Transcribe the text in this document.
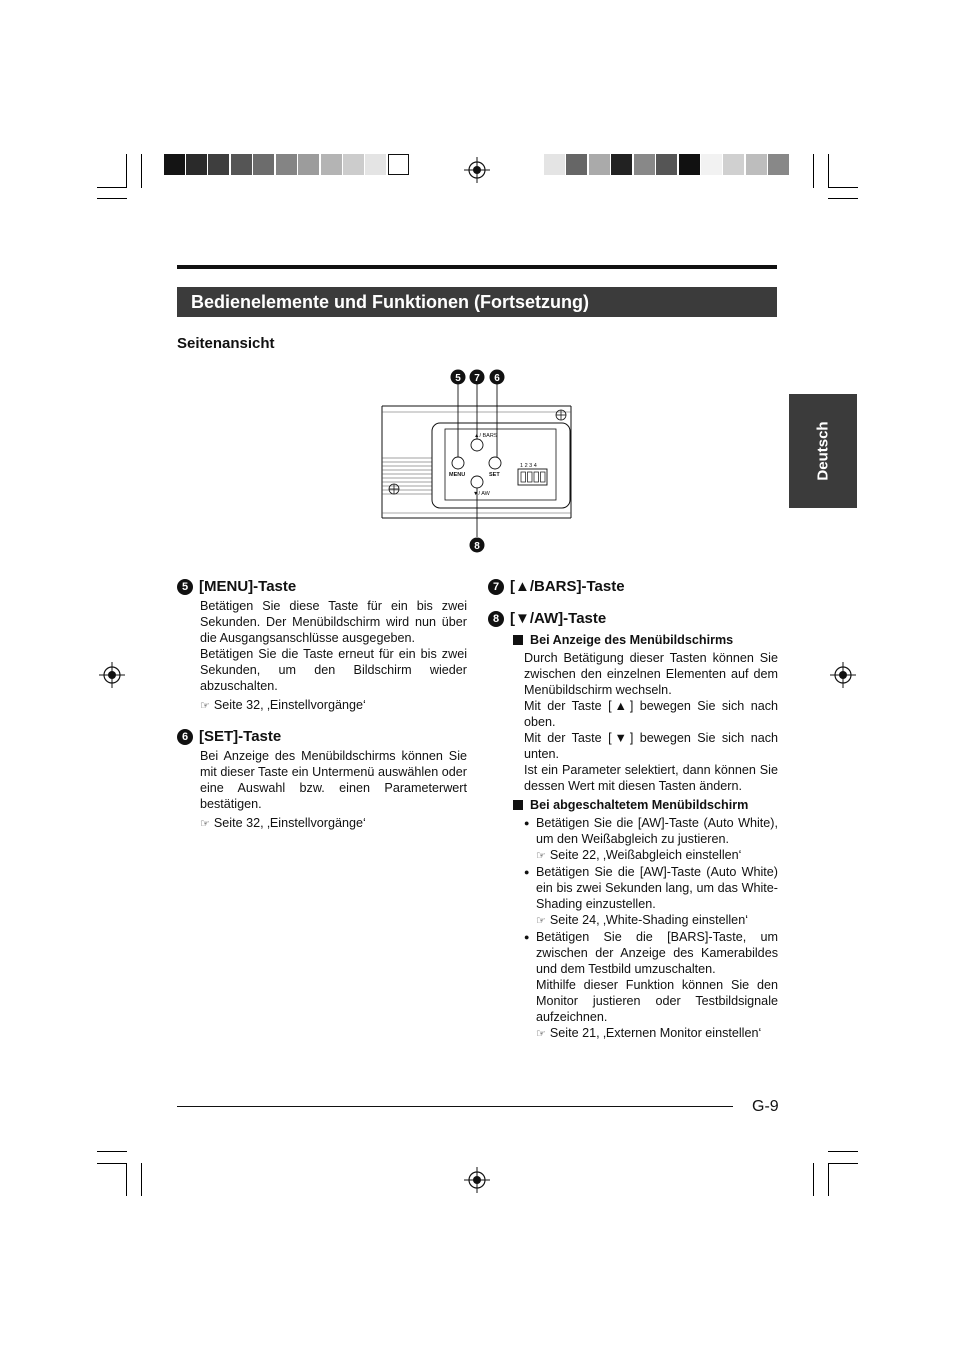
Bedienelemente und Funktionen (Fortsetzung)
Seitenansicht
Deutsch
▲/ BARS
MENU	SET
▼/ AW
1 2 3 4
5 7 6
8
5 [MENU]-Taste

Betätigen Sie diese Taste für ein bis zwei Sekunden. Der Menübildschirm wird nun über die Ausgangsanschlüsse ausgegeben.

Betätigen Sie die Taste erneut für ein bis zwei Sekunden, um den Bildschirm wieder abzuschalten.

☞ Seite 32, ‚Einstellvorgänge‘
6 [SET]-Taste

Bei Anzeige des Menübildschirms können Sie mit dieser Taste ein Untermenü auswählen oder eine Auswahl bzw. einen Parameterwert bestätigen.

☞ Seite 32, ‚Einstellvorgänge‘
7 [▲/BARS]-Taste
8 [▼/AW]-Taste
Bei Anzeige des Menübildschirms

Durch Betätigung dieser Tasten können Sie zwischen den einzelnen Elementen auf dem Menübildschirm wechseln.

Mit der Taste [▲] bewegen Sie sich nach oben.

Mit der Taste [▼] bewegen Sie sich nach unten.

Ist ein Parameter selektiert, dann können Sie dessen Wert mit diesen Tasten ändern.

Bei abgeschaltetem Menübildschirm

● Betätigen Sie die [AW]-Taste (Auto White), um den Weißabgleich zu justieren.

☞ Seite 22, ‚Weißabgleich einstellen‘

● Betätigen Sie die [AW]-Taste (Auto White) ein bis zwei Sekunden lang, um das White-Shading einzustellen.

☞ Seite 24, ‚White-Shading einstellen‘

● Betätigen Sie die [BARS]-Taste, um zwischen der Anzeige des Kamerabildes und dem Testbild umzuschalten.

Mithilfe dieser Funktion können Sie den Monitor justieren oder Testbildsignale aufzeichnen.

☞ Seite 21, ‚Externen Monitor einstellen‘
G-9
